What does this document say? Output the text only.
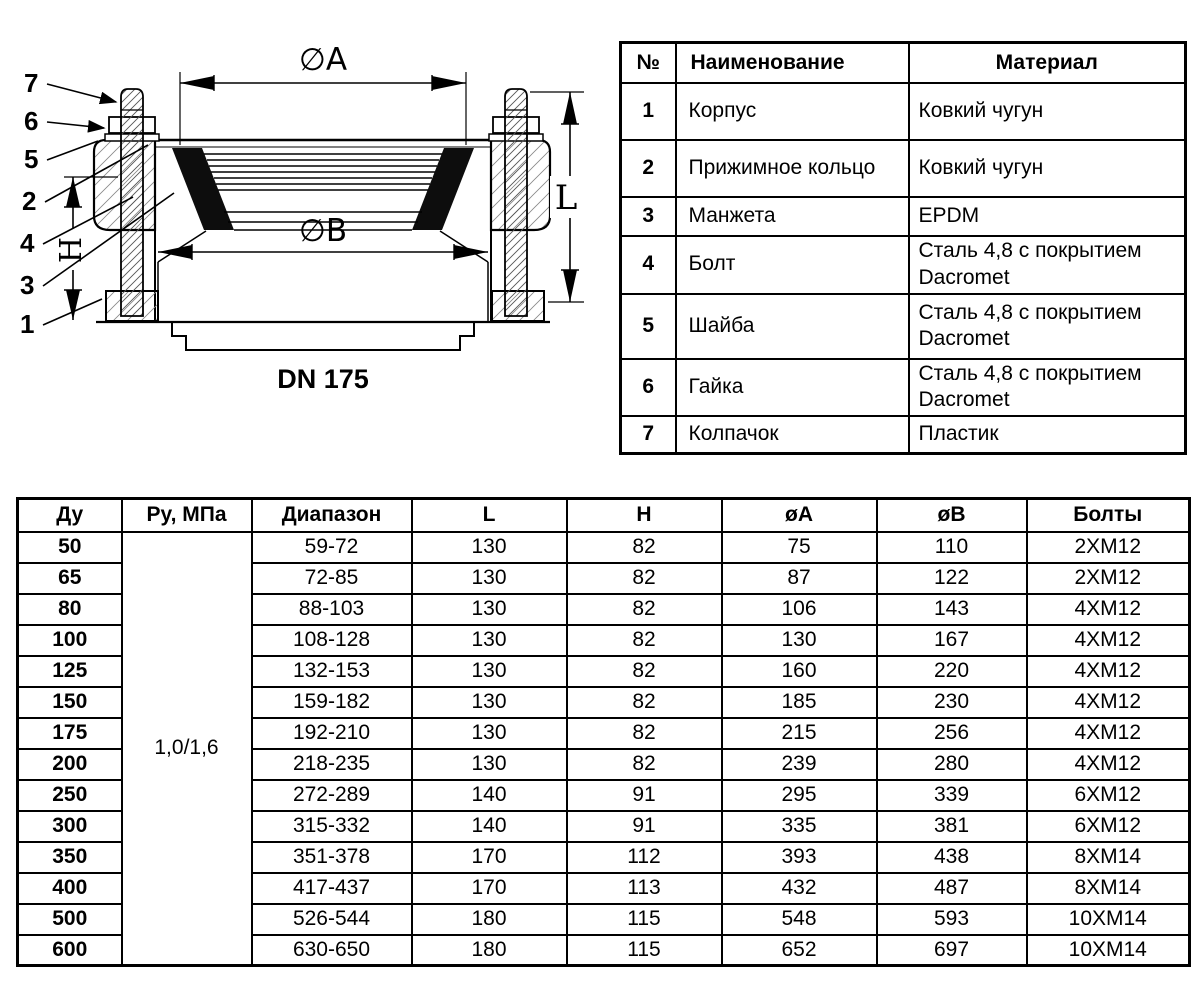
∅A
∅B
L
H
7
6
5
2
4
3
1
DN 175
№	Наименование	Материал
1	Корпус	Ковкий чугун
2	Прижимное кольцо	Ковкий чугун
3	Манжета	EPDM
4	Болт	Сталь 4,8 с покрытием Dacromet
5	Шайба	Сталь 4,8 с покрытием Dacromet
6	Гайка	Сталь 4,8 с покрытием Dacromet
7	Колпачок	Пластик
Ду	Ру, МПа	Диапазон	L	H	øA	øB	Болты
50	1,0/1,6	59-72	130	82	75	110	2ХМ12
65		72-85	130	82	87	122	2ХМ12
80		88-103	130	82	106	143	4ХМ12
100		108-128	130	82	130	167	4ХМ12
125		132-153	130	82	160	220	4ХМ12
150		159-182	130	82	185	230	4ХМ12
175		192-210	130	82	215	256	4ХМ12
200		218-235	130	82	239	280	4ХМ12
250		272-289	140	91	295	339	6ХМ12
300		315-332	140	91	335	381	6ХМ12
350		351-378	170	112	393	438	8ХМ14
400		417-437	170	113	432	487	8ХМ14
500		526-544	180	115	548	593	10ХМ14
600		630-650	180	115	652	697	10ХМ14
